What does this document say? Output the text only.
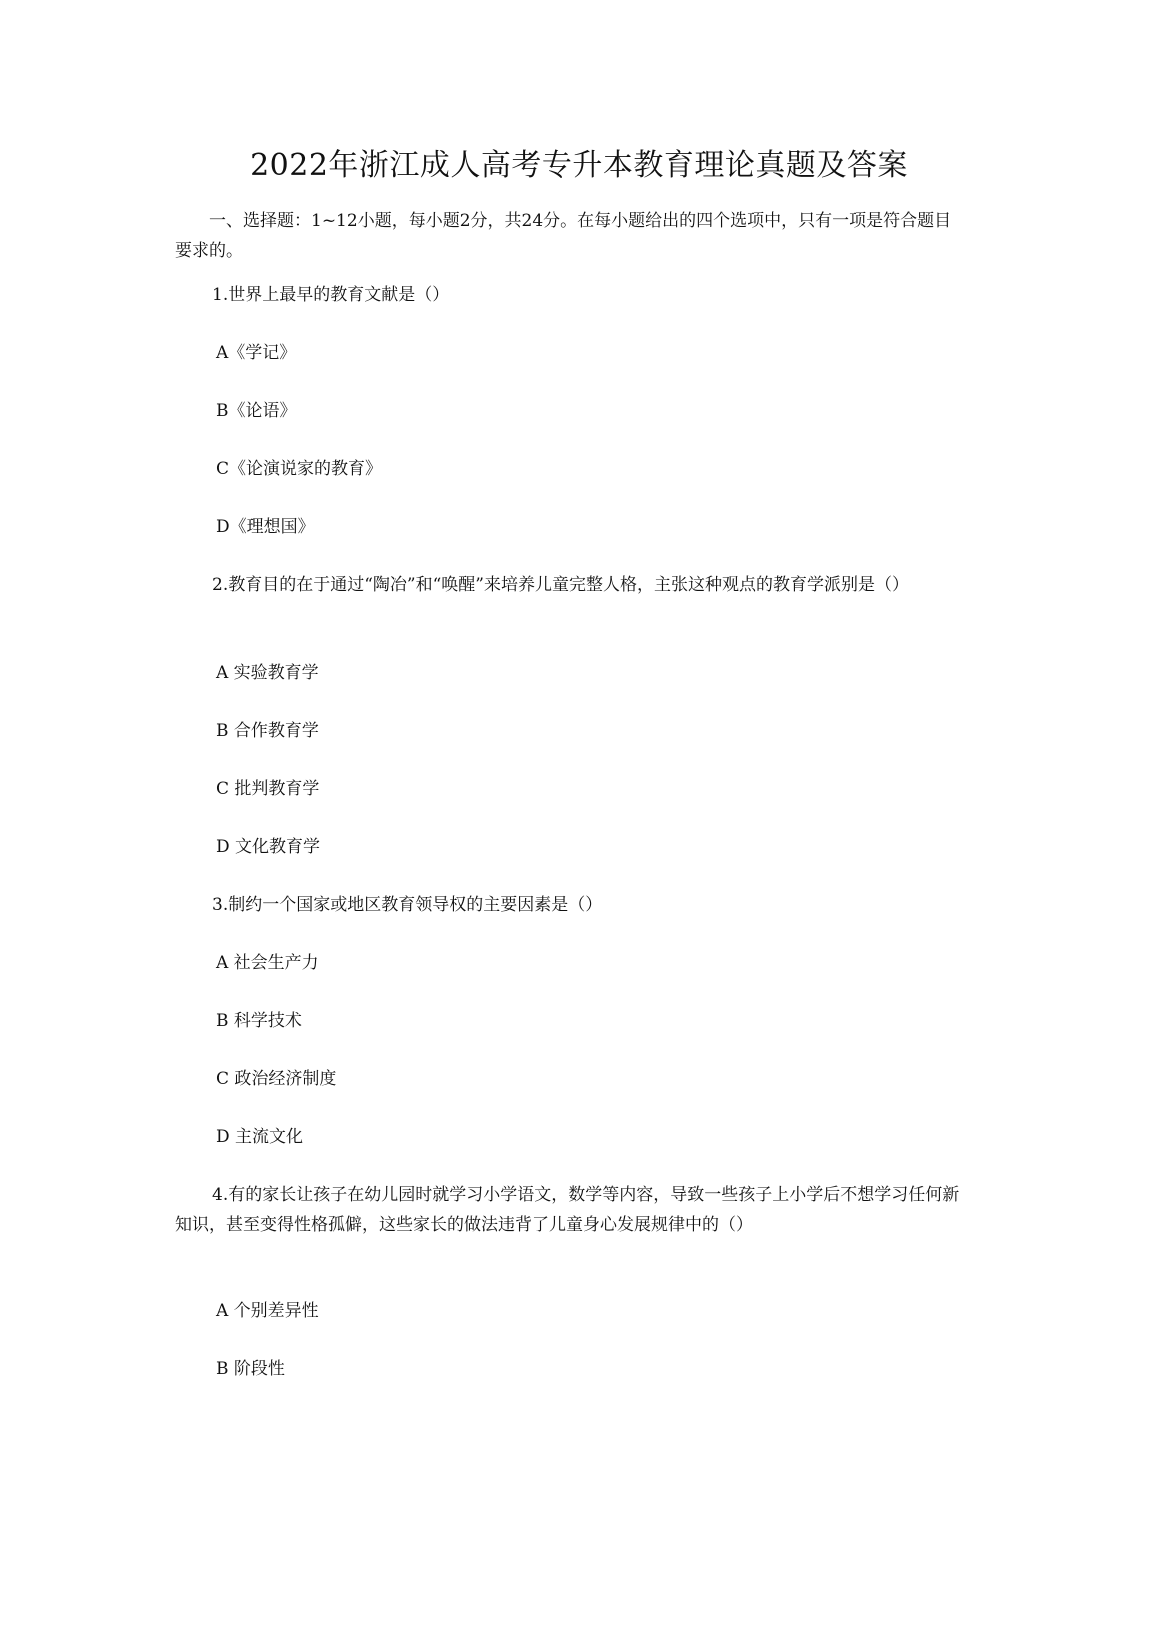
2022年浙江成人高考专升本教育理论真题及答案
一、选择题：1~12小题，每小题2分，共24分。在每小题给出的四个选项中，只有一项是符合题目要求的。
1.世界上最早的教育文献是（）
A《学记》
B《论语》
C《论演说家的教育》
D《理想国》
2.教育目的在于通过“陶冶”和“唤醒”来培养儿童完整人格，主张这种观点的教育学派别是（）
A 实验教育学
B 合作教育学
C 批判教育学
D 文化教育学
3.制约一个国家或地区教育领导权的主要因素是（）
A 社会生产力
B 科学技术
C 政治经济制度
D 主流文化
4.有的家长让孩子在幼儿园时就学习小学语文，数学等内容，导致一些孩子上小学后不想学习任何新知识，甚至变得性格孤僻，这些家长的做法违背了儿童身心发展规律中的（）
A 个别差异性
B 阶段性
